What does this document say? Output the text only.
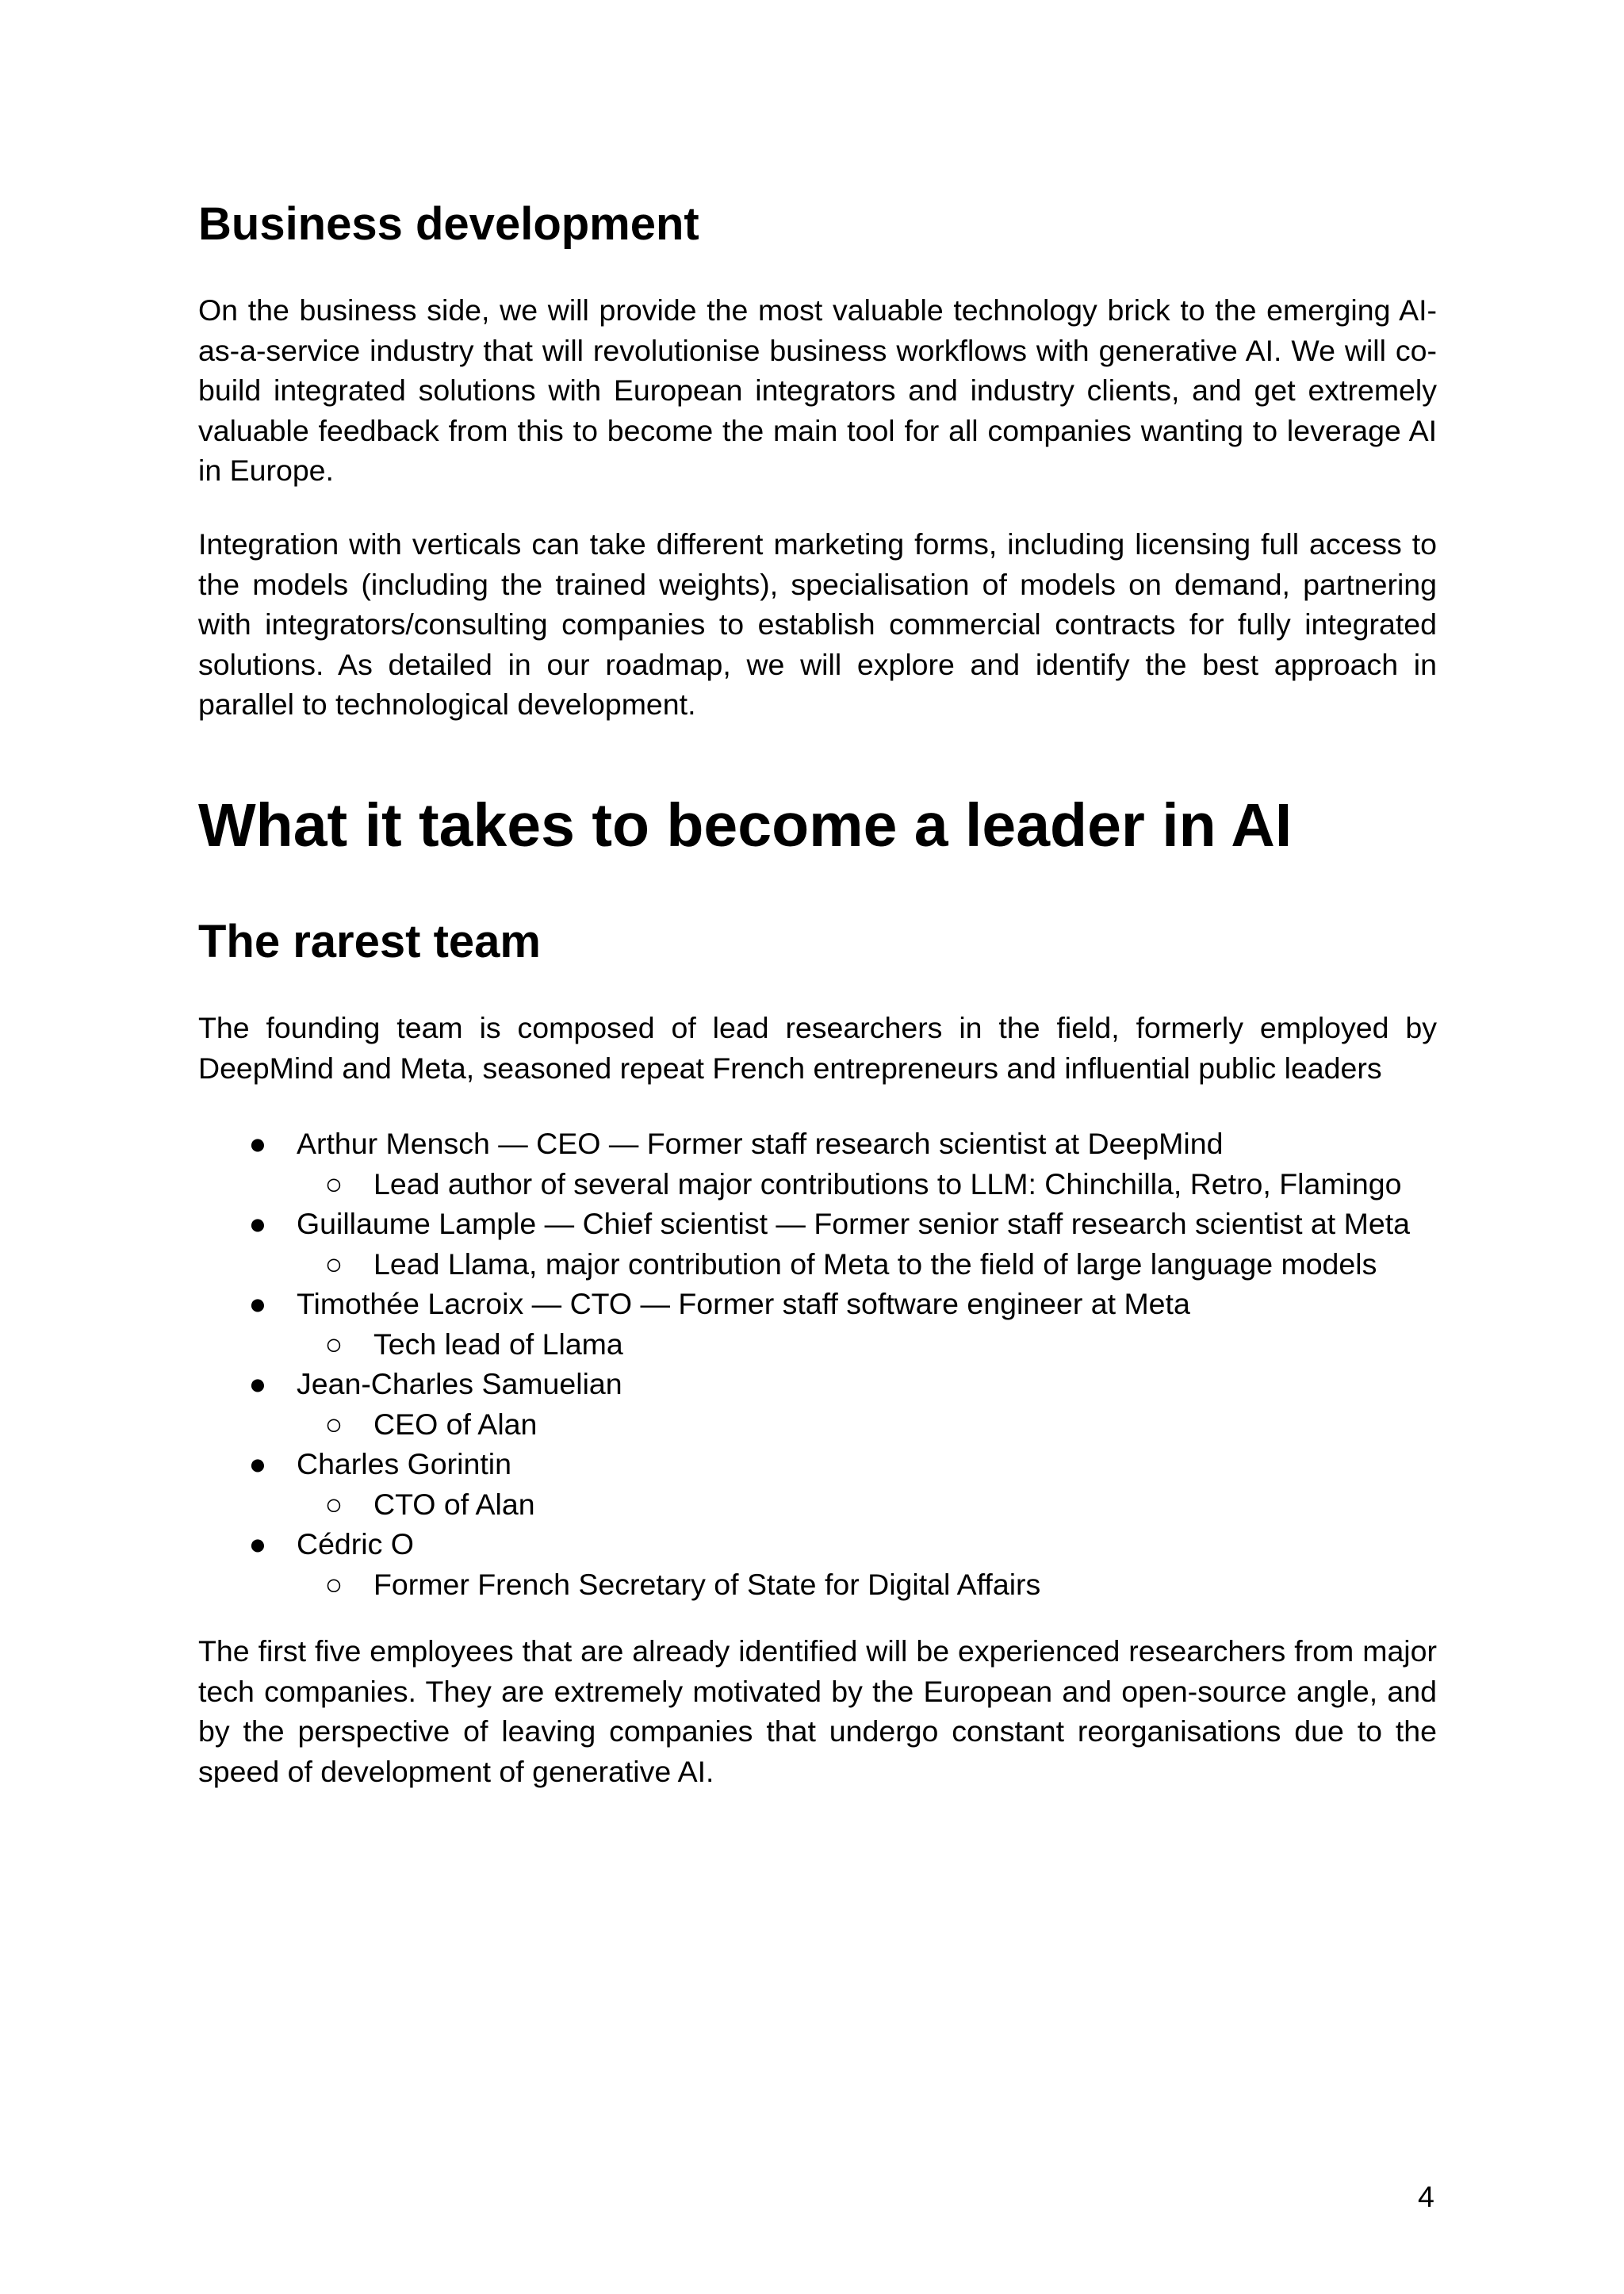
Business development

On the business side, we will provide the most valuable technology brick to the emerging AI-as-a-service industry that will revolutionise business workflows with generative AI. We will co-build integrated solutions with European integrators and industry clients, and get extremely valuable feedback from this to become the main tool for all companies wanting to leverage AI in Europe.

Integration with verticals can take different marketing forms, including licensing full access to the models (including the trained weights), specialisation of models on demand, partnering with integrators/consulting companies to establish commercial contracts for fully integrated solutions. As detailed in our roadmap, we will explore and identify the best approach in parallel to technological development.

What it takes to become a leader in AI
The rarest team

The founding team is composed of lead researchers in the field, formerly employed by DeepMind and Meta, seasoned repeat French entrepreneurs and influential public leaders

● Arthur Mensch — CEO — Former staff research scientist at DeepMind
○ Lead author of several major contributions to LLM: Chinchilla, Retro, Flamingo
● Guillaume Lample — Chief scientist — Former senior staff research scientist at Meta
○ Lead Llama, major contribution of Meta to the field of large language models
● Timothée Lacroix — CTO — Former staff software engineer at Meta
○ Tech lead of Llama
● Jean-Charles Samuelian
○ CEO of Alan
● Charles Gorintin
○ CTO of Alan
● Cédric O
○ Former French Secretary of State for Digital Affairs

The first five employees that are already identified will be experienced researchers from major tech companies. They are extremely motivated by the European and open-source angle, and by the perspective of leaving companies that undergo constant reorganisations due to the speed of development of generative AI.

4
